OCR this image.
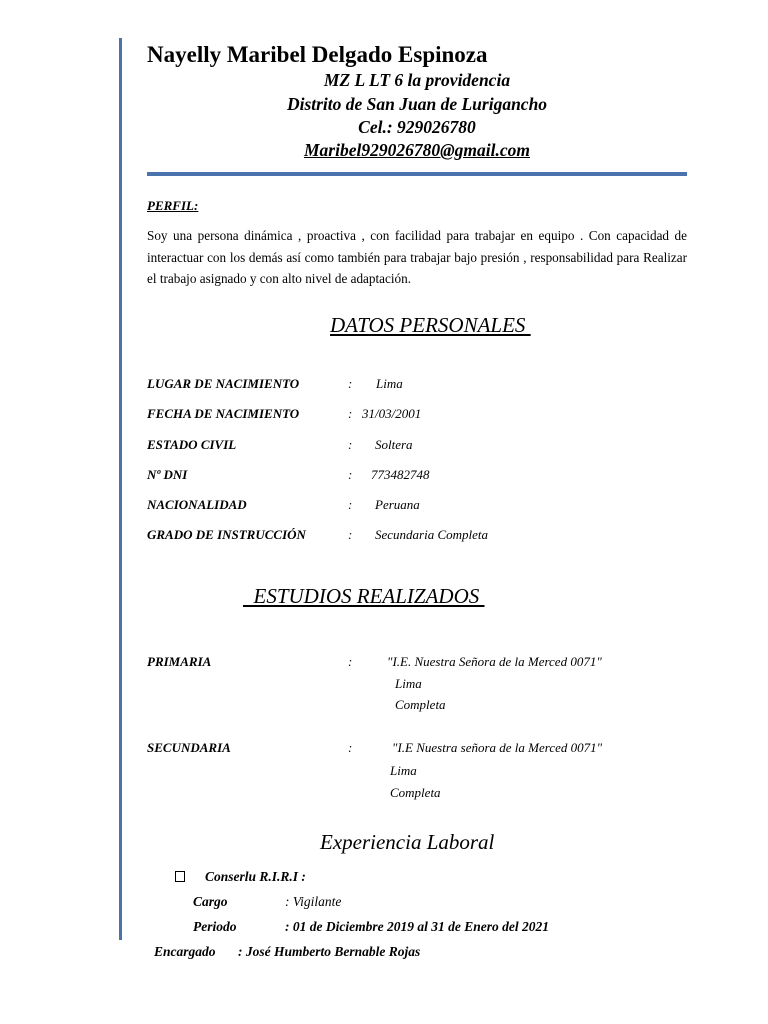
Nayelly Maribel Delgado Espinoza
MZ L LT 6 la providencia
Distrito de San Juan de Lurigancho
Cel.: 929026780
Maribel929026780@gmail.com
PERFIL:
Soy una persona dinámica , proactiva , con facilidad para trabajar en equipo . Con capacidad de interactuar con los demás así como también para trabajar bajo presión , responsabilidad para Realizar el trabajo asignado y con alto nivel de adaptación.
DATOS PERSONALES
LUGAR DE NACIMIENTO	: Lima
FECHA DE NACIMIENTO	: 31/03/2001
ESTADO CIVIL	: Soltera
Nº DNI	: 773482748
NACIONALIDAD	: Peruana
GRADO DE INSTRUCCIÓN	: Secundaria Completa
ESTUDIOS REALIZADOS
PRIMARIA	:	"I.E. Nuestra Señora de la Merced 0071"
Lima
Completa
SECUNDARIA	:	"I.E Nuestra señora de la Merced 0071"
Lima
Completa
Experiencia Laboral
Conserlu R.I.R.I :
Cargo	: Vigilante
Periodo	: 01 de Diciembre 2019 al 31 de Enero del 2021
Encargado : José Humberto Bernable Rojas
